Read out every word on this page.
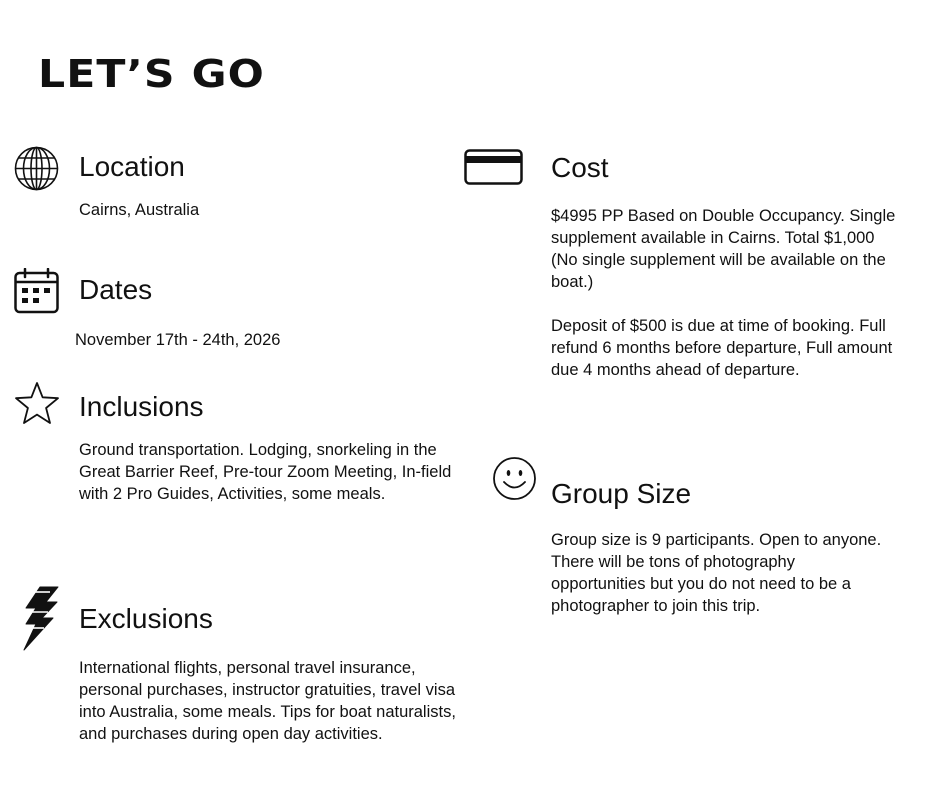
LET’S GO
Location
Cairns, Australia
Dates
November 17th - 24th, 2026
Inclusions
Ground transportation. Lodging, snorkeling in the Great Barrier Reef, Pre-tour Zoom Meeting, In-field with 2 Pro Guides, Activities, some meals.
Exclusions
International flights, personal travel insurance, personal purchases, instructor gratuities, travel visa into Australia, some meals. Tips for boat naturalists, and purchases during open day activities.
Cost
$4995 PP Based on Double Occupancy. Single supplement available in Cairns. Total $1,000
(No single supplement will be available on the boat.)
Deposit of $500 is due at time of booking. Full refund 6 months before departure, Full amount due 4 months ahead of departure.
Group Size
Group size is 9 participants. Open to anyone. There will be tons of photography opportunities but you do not need to be a photographer to join this trip.
